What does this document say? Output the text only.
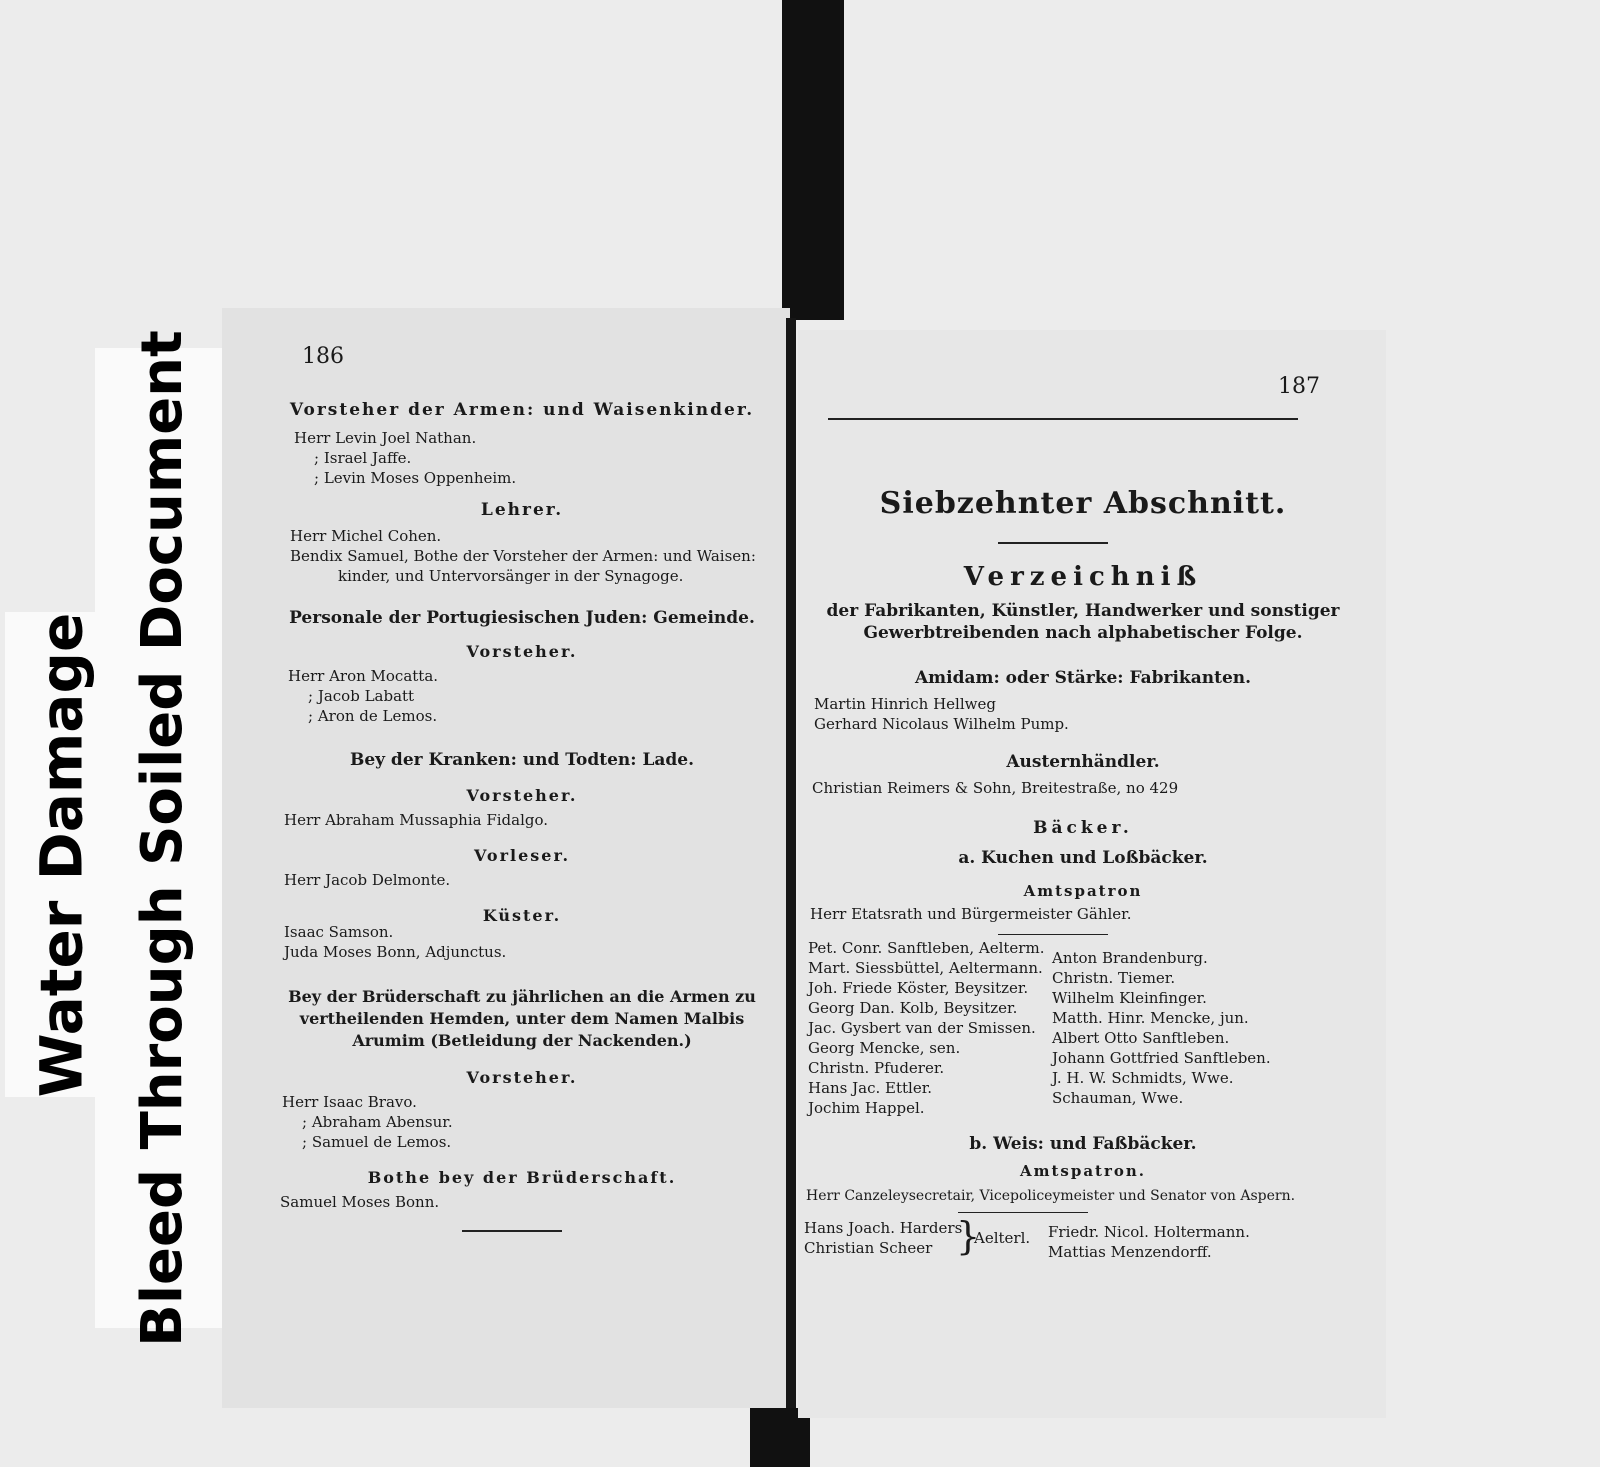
Water Damage Bleed Through Soiled Document	186
Vorsteher der Armen: und Waisenkinder.
Herr Levin Joel Nathan.
; Israel Jaffe.
; Levin Moses Oppenheim.
Lehrer.
Herr Michel Cohen.
Bendix Samuel, Bothe der Vorsteher der Armen: und Waisen:
kinder, und Untervorsänger in der Synagoge.
Personale der Portugiesischen Juden: Gemeinde.
Vorsteher.
Herr Aron Mocatta.
; Jacob Labatt
; Aron de Lemos.
Bey der Kranken: und Todten: Lade.
Vorsteher.
Herr Abraham Mussaphia Fidalgo.
Vorleser.
Herr Jacob Delmonte.
Küster.
Isaac Samson.
Juda Moses Bonn, Adjunctus.
Bey der Brüderschaft zu jährlichen an die Armen zu
vertheilenden Hemden, unter dem Namen Malbis
Arumim (Betleidung der Nackenden.)
Vorsteher.
Herr Isaac Bravo.
; Abraham Abensur.
; Samuel de Lemos.
Bothe bey der Brüderschaft.
Samuel Moses Bonn.
187
Siebzehnter Abschnitt.
Verzeichniß
der Fabrikanten, Künstler, Handwerker und sonstiger
Gewerbtreibenden nach alphabetischer Folge.
Amidam: oder Stärke: Fabrikanten.
Martin Hinrich Hellweg
Gerhard Nicolaus Wilhelm Pump.
Austernhändler.
Christian Reimers & Sohn, Breitestraße, no 429
Bäcker.
a. Kuchen und Loßbäcker.
Amtspatron
Herr Etatsrath und Bürgermeister Gähler.
Pet. Conr. Sanftleben, Aelterm.
Mart. Siessbüttel, Aeltermann.
Joh. Friede Köster, Beysitzer.
Georg Dan. Kolb, Beysitzer.
Jac. Gysbert van der Smissen.
Georg Mencke, sen.
Christn. Pfuderer.
Hans Jac. Ettler.
Jochim Happel.
Anton Brandenburg.
Christn. Tiemer.
Wilhelm Kleinfinger.
Matth. Hinr. Mencke, jun.
Albert Otto Sanftleben.
Johann Gottfried Sanftleben.
J. H. W. Schmidts, Wwe.
Schauman, Wwe.
b. Weis: und Faßbäcker.
Amtspatron.
Herr Canzeleysecretair, Vicepolicеymeister und Senator von Aspern.
Hans Joach. Harders
Christian Scheer }
Aelterl. Friedr. Nicol. Holtermann.
Mattias Menzendorff.
